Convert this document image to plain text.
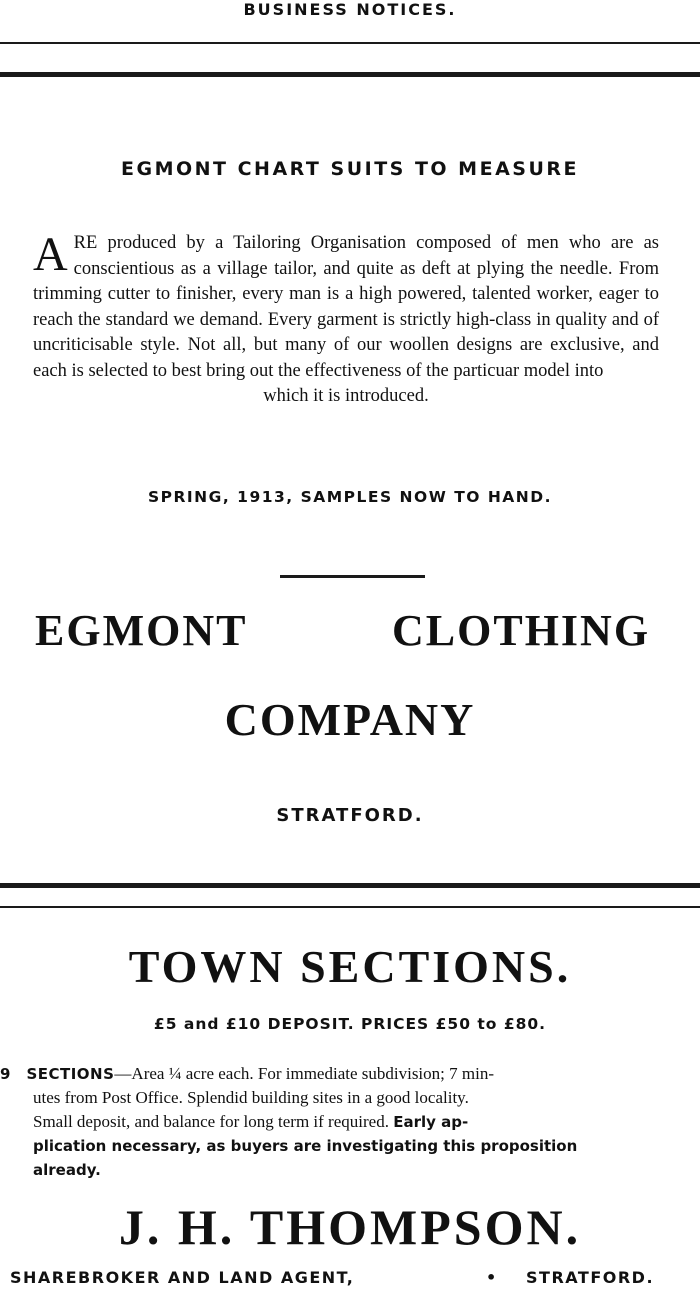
BUSINESS NOTICES.
EGMONT CHART SUITS TO MEASURE
ARE produced by a Tailoring Organisation composed of men who are as conscientious as a village tailor, and quite as deft at plying the needle. From trimming cutter to finisher, every man is a high powered, talented worker, eager to reach the standard we demand. Every garment is strictly high-class in quality and of uncriticisable style. Not all, but many of our woollen designs are exclusive, and each is selected to best bring out the effectiveness of the particuar model into
which it is introduced.
SPRING, 1913, SAMPLES NOW TO HAND.
EGMONT	CLOTHING
COMPANY
STRATFORD.
TOWN SECTIONS.
£5 and £10 DEPOSIT. PRICES £50 to £80.
9 SECTIONS—Area ¼ acre each. For immediate subdivision; 7 min-
utes from Post Office. Splendid building sites in a good locality.
Small deposit, and balance for long term if required. Early ap-
plication necessary, as buyers are investigating this proposition
already.
J. H. THOMPSON.
SHAREBROKER AND LAND AGENT,	• STRATFORD.
